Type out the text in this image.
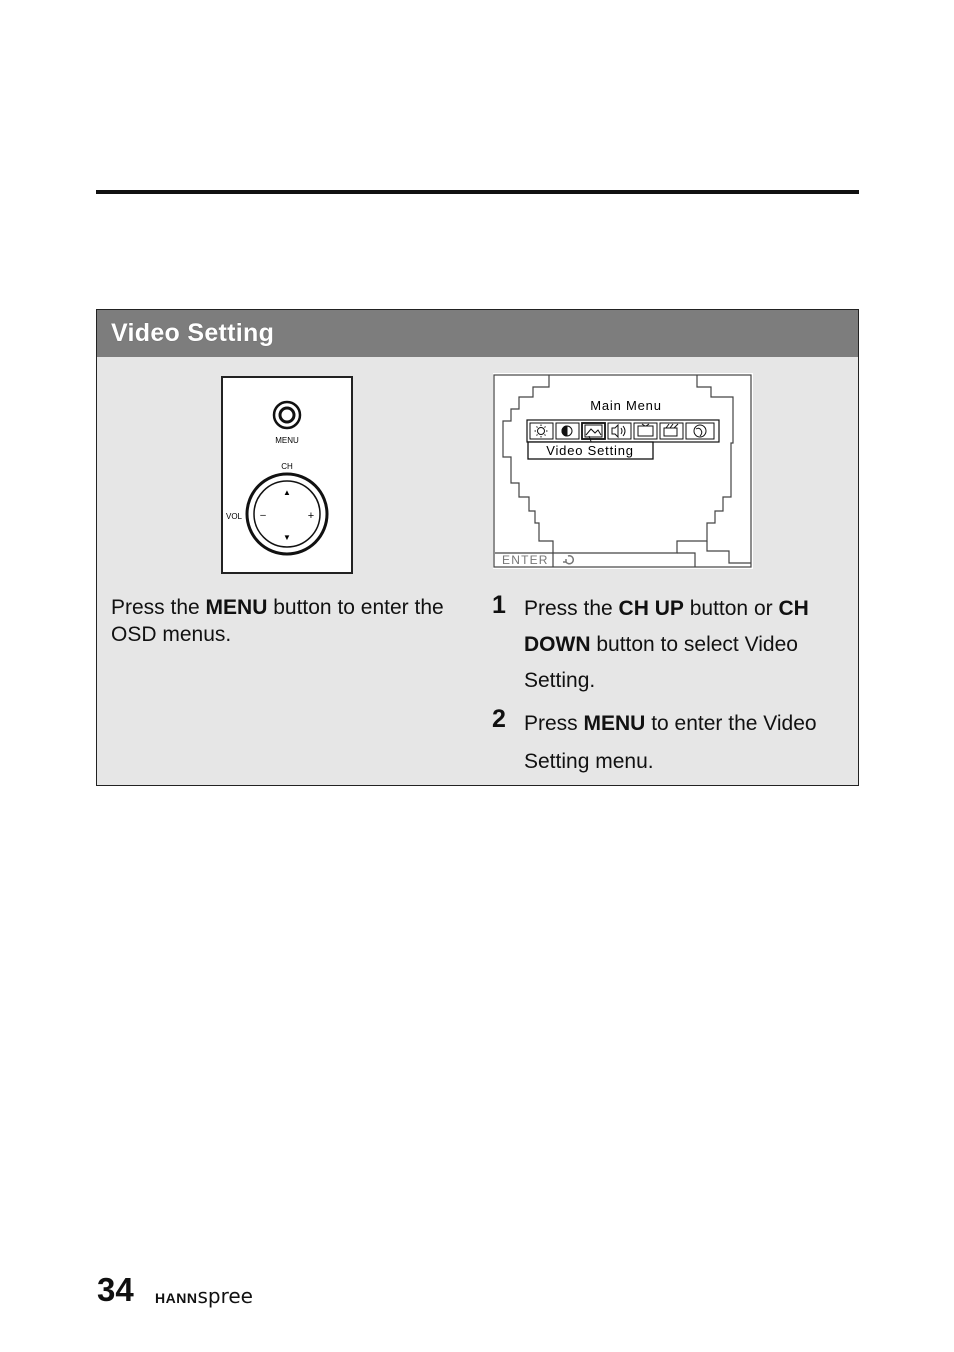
Video Setting
MENU
CH
VOL –	+
▲
▼
Main Menu
Video Setting
ENTER
Press the MENU button to enter the OSD menus.
1 Press the CH UP button or CH DOWN button to select Video Setting.
2 Press MENU to enter the Video Setting menu.
34 HANNspree
